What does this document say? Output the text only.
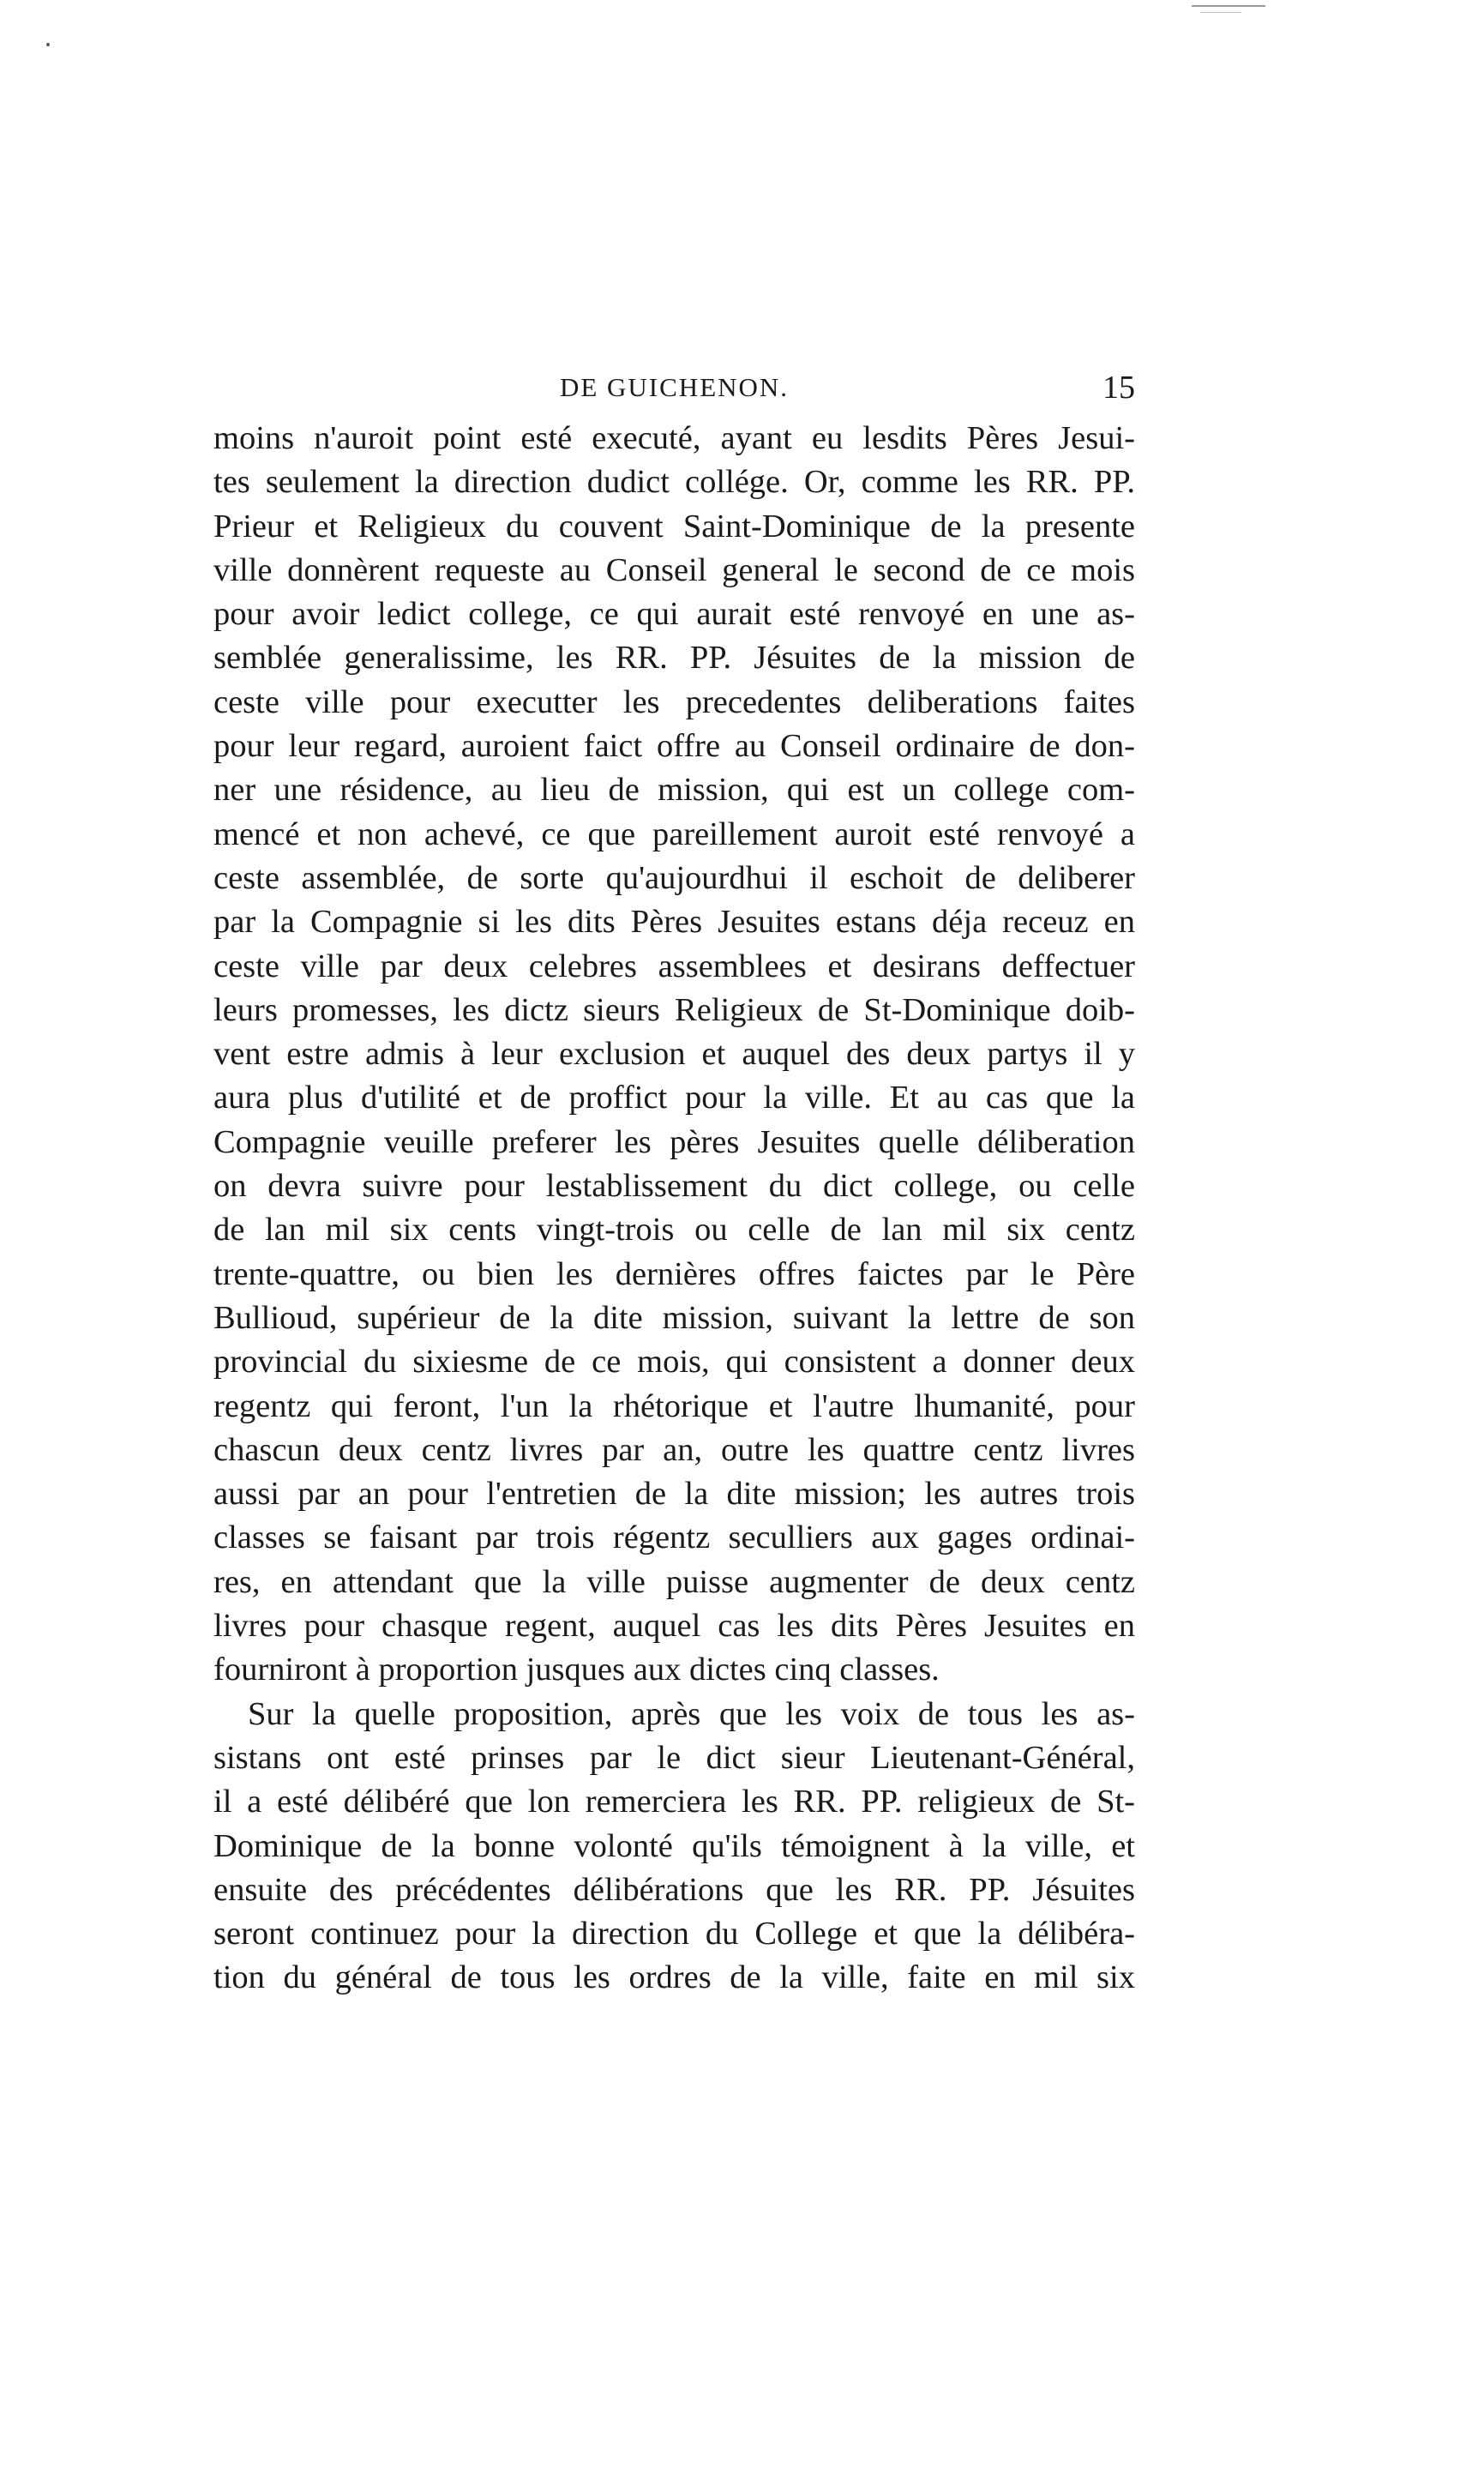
DE GUICHENON.	15
moins n'auroit point esté executé, ayant eu lesdits Pères Jesui-
tes seulement la direction dudict collége. Or, comme les RR. PP.
Prieur et Religieux du couvent Saint-Dominique de la presente
ville donnèrent requeste au Conseil general le second de ce mois
pour avoir ledict college, ce qui aurait esté renvoyé en une as-
semblée generalissime, les RR. PP. Jésuites de la mission de
ceste ville pour executter les precedentes deliberations faites
pour leur regard, auroient faict offre au Conseil ordinaire de don-
ner une résidence, au lieu de mission, qui est un college com-
mencé et non achevé, ce que pareillement auroit esté renvoyé a
ceste assemblée, de sorte qu'aujourdhui il eschoit de deliberer
par la Compagnie si les dits Pères Jesuites estans déja receuz en
ceste ville par deux celebres assemblees et desirans deffectuer
leurs promesses, les dictz sieurs Religieux de St-Dominique doib-
vent estre admis à leur exclusion et auquel des deux partys il y
aura plus d'utilité et de proffict pour la ville. Et au cas que la
Compagnie veuille preferer les pères Jesuites quelle déliberation
on devra suivre pour lestablissement du dict college, ou celle
de lan mil six cents vingt-trois ou celle de lan mil six centz
trente-quattre, ou bien les dernières offres faictes par le Père
Bullioud, supérieur de la dite mission, suivant la lettre de son
provincial du sixiesme de ce mois, qui consistent a donner deux
regentz qui feront, l'un la rhétorique et l'autre lhumanité, pour
chascun deux centz livres par an, outre les quattre centz livres
aussi par an pour l'entretien de la dite mission; les autres trois
classes se faisant par trois régentz seculliers aux gages ordinai-
res, en attendant que la ville puisse augmenter de deux centz
livres pour chasque regent, auquel cas les dits Pères Jesuites en
fourniront à proportion jusques aux dictes cinq classes.
Sur la quelle proposition, après que les voix de tous les as-
sistans ont esté prinses par le dict sieur Lieutenant-Général,
il a esté délibéré que lon remerciera les RR. PP. religieux de St-
Dominique de la bonne volonté qu'ils témoignent à la ville, et
ensuite des précédentes délibérations que les RR. PP. Jésuites
seront continuez pour la direction du College et que la délibéra-
tion du général de tous les ordres de la ville, faite en mil six
